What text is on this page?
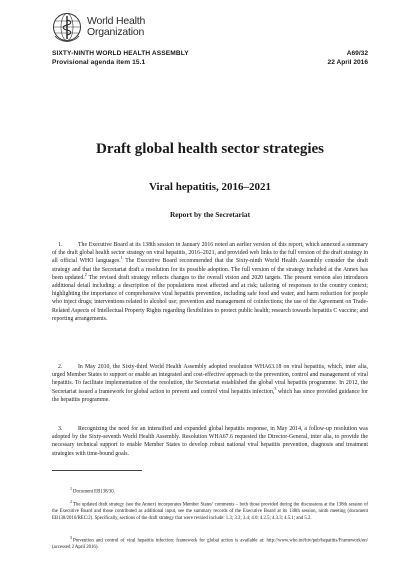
World Health
Organization
SIXTY-NINTH WORLD HEALTH ASSEMBLY
Provisional agenda item 15.1
A69/32
22 April 2016
Draft global health sector strategies
Viral hepatitis, 2016–2021
Report by the Secretariat
1.	The Executive Board at its 138th session in January 2016 noted an earlier version of this report, which annexed a summary of the draft global health sector strategy on viral hepatitis, 2016–2021, and provided web links to the full version of the draft strategy in all official WHO languages.$^1$ The Executive Board recommended that the Sixty-ninth World Health Assembly consider the draft strategy and that the Secretariat draft a resolution for its possible adoption. The full version of the strategy included at the Annex has been updated.$^2$ The revised draft strategy reflects changes to the overall vision and 2020 targets. The present version also introduces additional detail including: a description of the populations most affected and at risk; tailoring of responses to the country context; highlighting the importance of comprehensive viral hepatitis prevention, including safe food and water, and harm reduction for people who inject drugs; interventions related to alcohol use; prevention and management of coinfections; the use of the Agreement on Trade-Related Aspects of Intellectual Property Rights regarding flexibilities to protect public health; research towards hepatitis C vaccine; and reporting arrangements.
2.	In May 2010, the Sixty-third World Health Assembly adopted resolution WHA63.18 on viral hepatitis, which, inter alia, urged Member States to support or enable an integrated and cost-effective approach to the prevention, control and management of viral hepatitis. To facilitate implementation of the resolution, the Secretariat established the global viral hepatitis programme. In 2012, the Secretariat issued a framework for global action to prevent and control viral hepatitis infection,$^3$ which has since provided guidance for the hepatitis programme.
3.	Recognizing the need for an intensified and expanded global hepatitis response, in May 2014, a follow-up resolution was adopted by the Sixty-seventh World Health Assembly. Resolution WHA67.6 requested the Director-General, inter alia, to provide the necessary technical support to enable Member States to develop robust national viral hepatitis prevention, diagnosis and treatment strategies with time-bound goals.
$^1$Document EB138/30.
$^2$The updated draft strategy (see the Annex) incorporates Member States’ comments – both those provided during the discussions at the 138th session of the Executive Board and those contributed as additional input, see the summary records of the Executive Board at its 138th session, ninth meeting (document EB138/2016/REC/2). Specifically, sections of the draft strategy that were revised include: 1.3; 3.3; 3.4; 4.0; 4.2.5; 4.3.3; 4.5.1; and 5.2.
$^3$Prevention and control of viral hepatitis infection: framework for global action is available at: http://www.who.int/hiv/pub/hepatitis/Framework/en/ (accessed 2 April 2016).
